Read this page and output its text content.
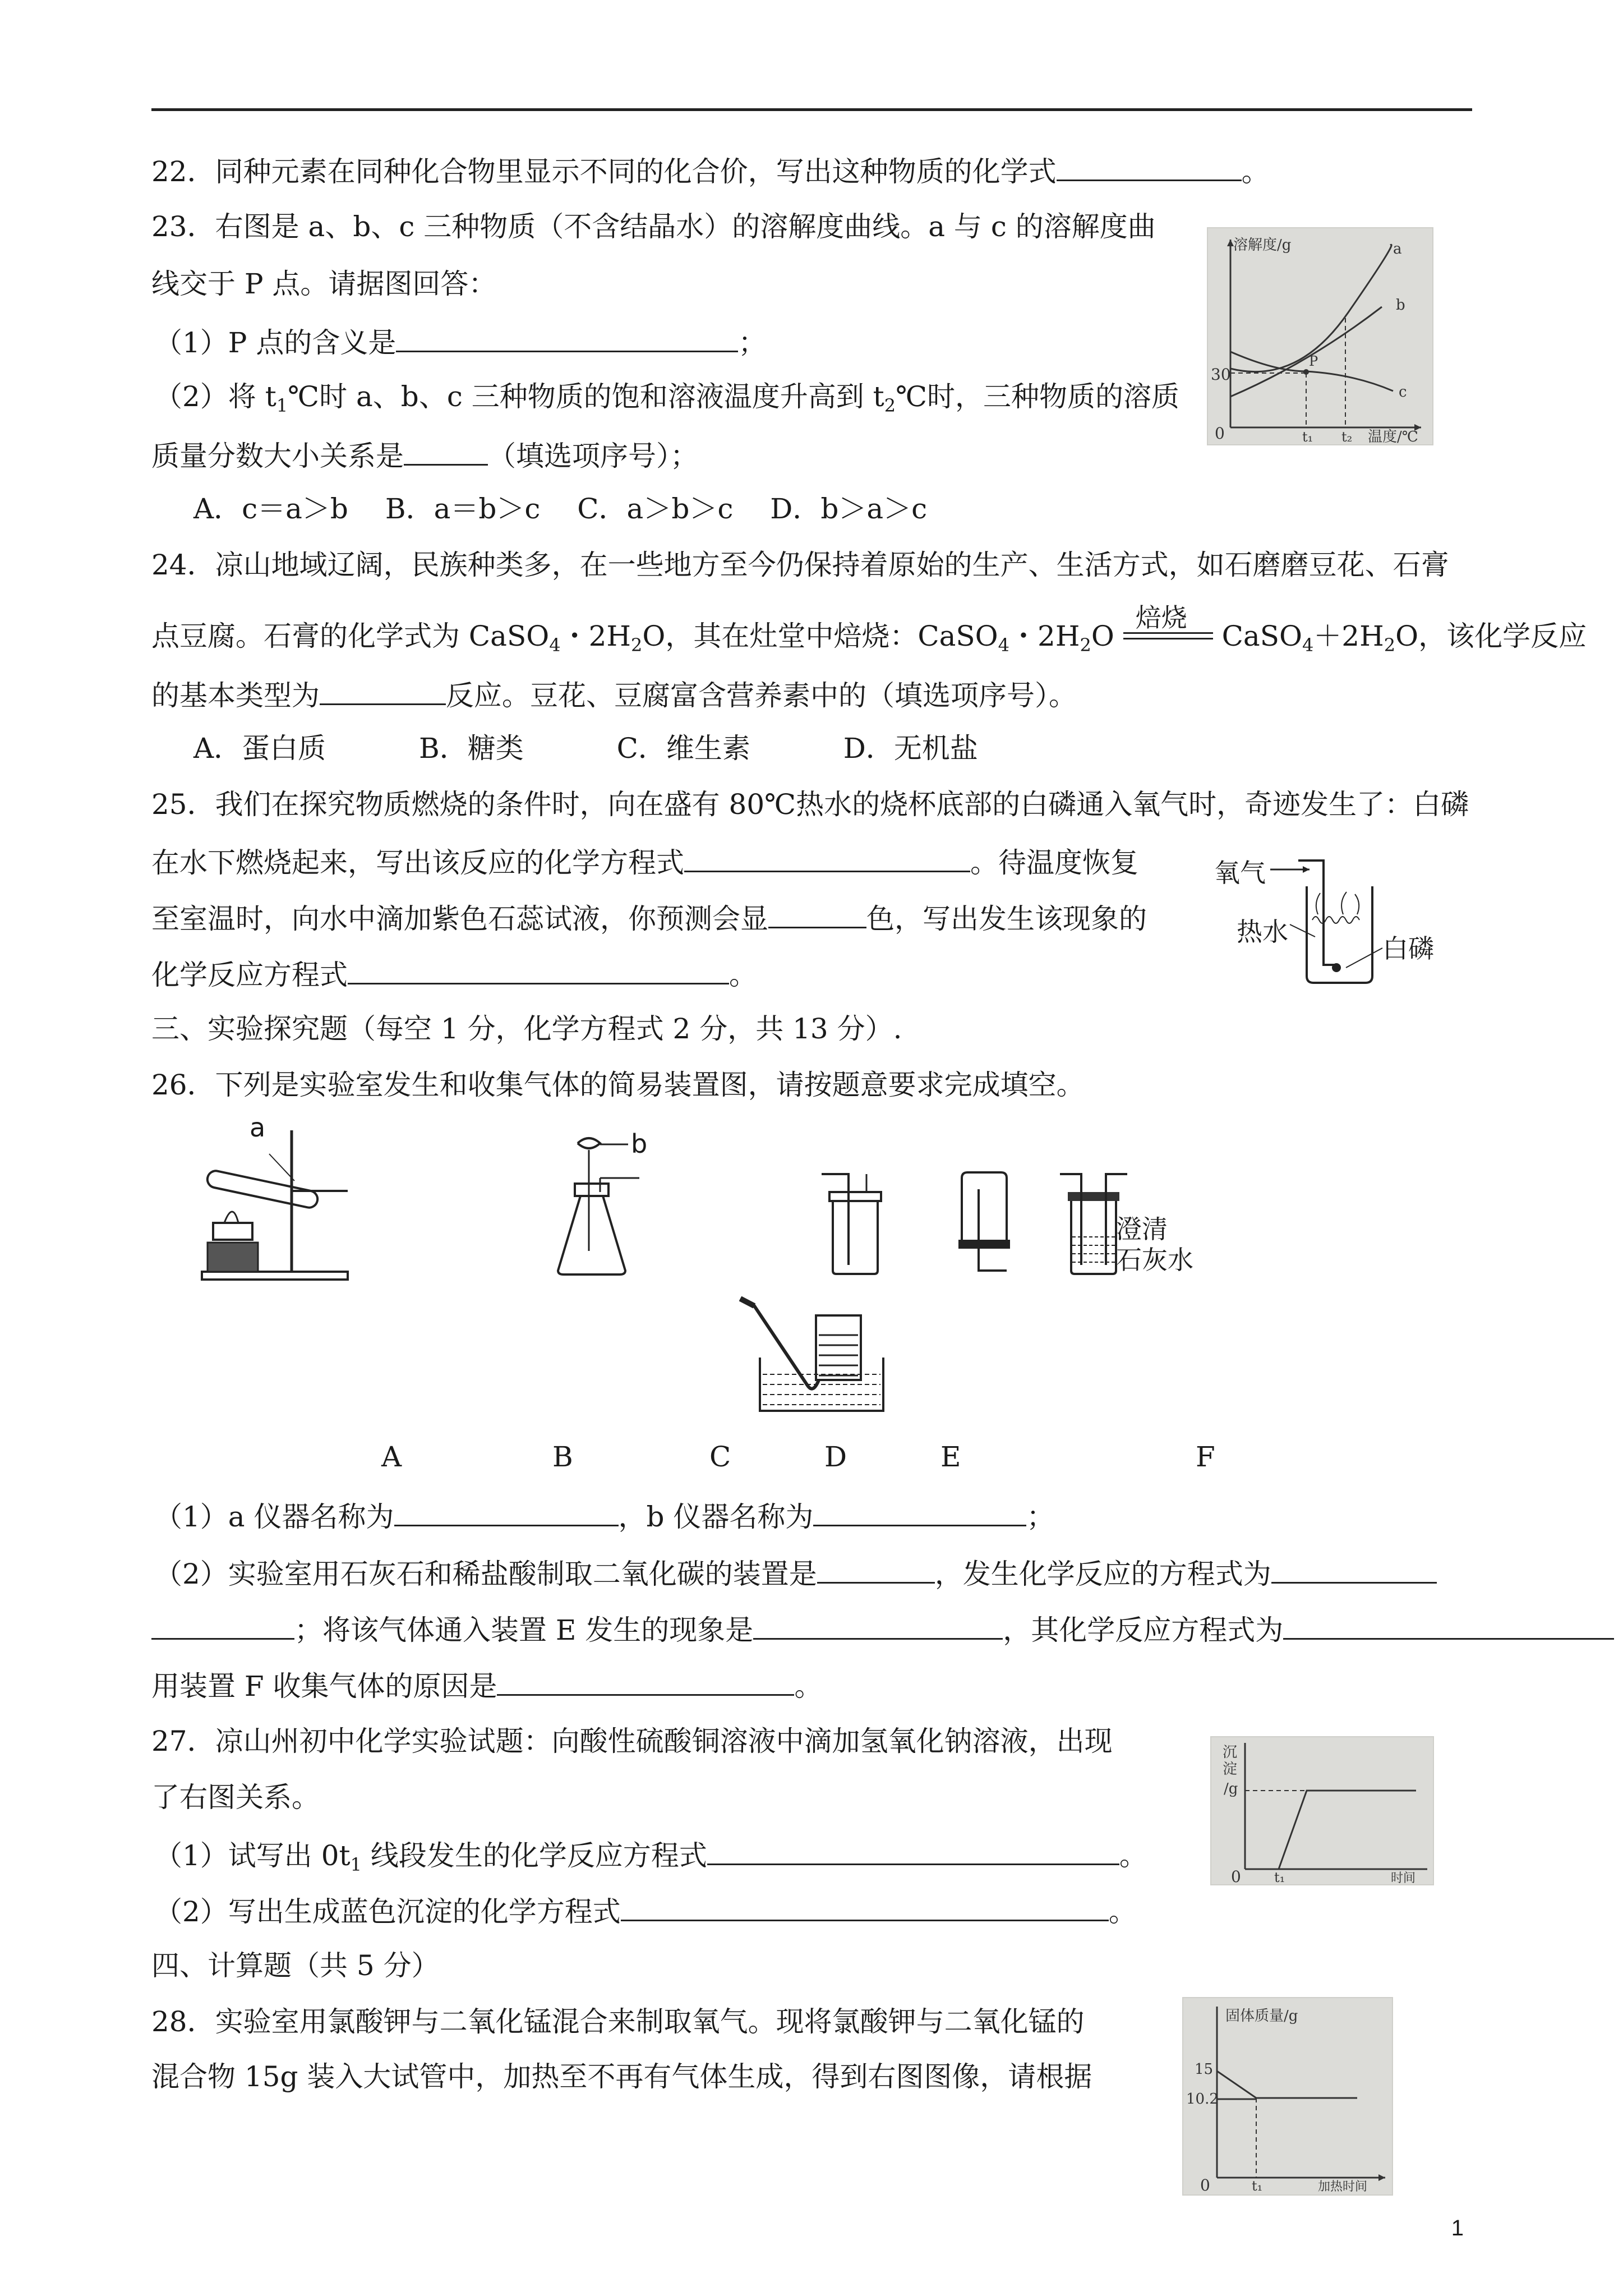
22．同种元素在同种化合物里显示不同的化合价，写出这种物质的化学式	。
23．右图是 a、b、c 三种物质（不含结晶水）的溶解度曲线。a 与 c 的溶解度曲
线交于 P 点。请据图回答：
（1）P 点的含义是	；
（2）将 $t_1℃$时 a、b、c 三种物质的饱和溶液温度升高到 $t_2℃$时，三种物质的溶质
质量分数大小关系是	（填选项序号）；
A．c＝a＞b　 B．a＝b＞c　 C．a＞b＞c　 D．b＞a＞c
溶解度/g
30
0	t₁ t₂ 温度/℃
P
a
b
c
24．凉山地域辽阔，民族种类多，在一些地方至今仍保持着原始的生产、生活方式，如石磨磨豆花、石膏
点豆腐。石膏的化学式为 CaSO$_4$・$2H_2O$，其在灶堂中焙烧：CaSO$_4$・$2H_2O$
焙烧
$CaSO_4+2H_2O$，该化学反应
的基本类型为	反应。豆花、豆腐富含营养素中的（填选项序号）。
A．蛋白质　　　 B．糖类　　　 C．维生素　　　 D．无机盐
25．我们在探究物质燃烧的条件时，向在盛有 80℃热水的烧杯底部的白磷通入氧气时，奇迹发生了：白磷
在水下燃烧起来，写出该反应的化学方程式	。待温度恢复
至室温时，向水中滴加紫色石蕊试液，你预测会显	色，写出发生该现象的
化学反应方程式	。
氧气
热水
白磷
三、实验探究题（每空 1 分，化学方程式 2 分，共 13 分）.
26．下列是实验室发生和收集气体的简易装置图，请按题意要求完成填空。
a
b
澄清
石灰水
A	B	C	D	E	F
（1）a 仪器名称为	，b 仪器名称为	；
（2）实验室用石灰石和稀盐酸制取二氧化碳的装置是	，发生化学反应的方程式为
；将该气体通入装置 E 发生的现象是	，其化学反应方程式为
用装置 F 收集气体的原因是	。
27．凉山州初中化学实验试题：向酸性硫酸铜溶液中滴加氢氧化钠溶液，出现
了右图关系。
（1）试写出 $0t_1$ 线段发生的化学反应方程式	。
（2）写出生成蓝色沉淀的化学方程式	。
沉
淀
/g
0 t₁	时间
四、计算题（共 5 分）
28．实验室用氯酸钾与二氧化锰混合来制取氧气。现将氯酸钾与二氧化锰的
混合物 15g 装入大试管中，加热至不再有气体生成，得到右图图像，请根据
固体质量/g
15
10.2
0	t₁	加热时间
1
